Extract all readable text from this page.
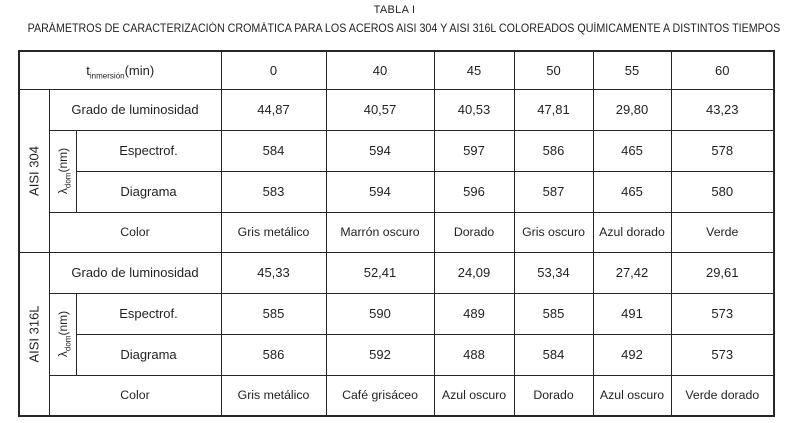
TABLA I
PARÁMETROS DE CARACTERIZACIÓN CROMÁTICA PARA LOS ACEROS AISI 304 Y AISI 316L COLOREADOS QUÍMICAMENTE A DISTINTOS TIEMPOS
$t_{inmersión}(\min)$			0	40	45	50	55	60

AISI 304	Grado de luminosidad		44,87	40,57	40,53	47,81	29,80	43,23

	$\lambda_{dom}(nm)$	Espectrof.	584	594	597	586	465	578
		Diagrama	583	594	596	587	465	580
	Color		Gris metálico	Marrón oscuro	Dorado	Gris oscuro	Azul dorado	Verde

AISI 316L	Grado de luminosidad		45,33	52,41	24,09	53,34	27,42	29,61

	$\lambda_{dom}(nm)$	Espectrof.	585	590	489	585	491	573
		Diagrama	586	592	488	584	492	573
	Color		Gris metálico	Café grisáceo	Azul oscuro	Dorado	Azul oscuro	Verde dorado
